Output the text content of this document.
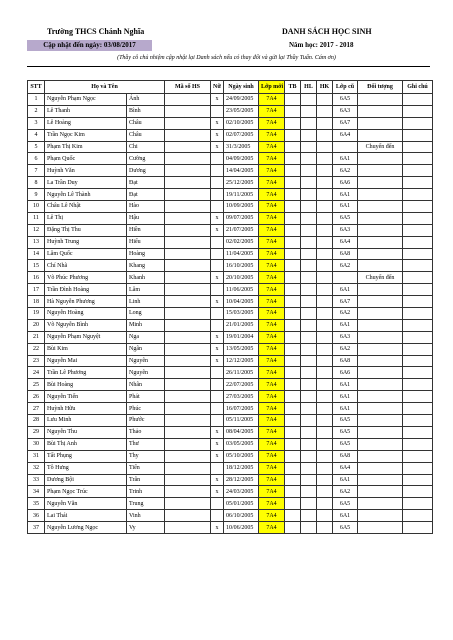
Trường THCS Chánh Nghĩa
Cập nhật đến ngày: 03/08/2017
DANH SÁCH HỌC SINH
Năm học: 2017 - 2018
(Thầy cô chủ nhiệm cập nhật lại Danh sách nếu có thay đổi và gửi lại Thầy Tuấn. Cám ơn)
STT	Họ và Tên		Mã số HS	Nữ	Ngày sinh	Lớp mới	TB	HL	HK	Lớp cũ	Đối tượng	Ghi chú
1	Nguyễn Phạm Ngọc	Ánh		x	24/09/2005	7A4				6A5		
2	Lê Thanh	Bình			23/05/2005	7A4				6A3		
3	Lê Hoàng	Châu		x	02/10/2005	7A4				6A7		
4	Trần Ngọc Kim	Châu		x	02/07/2005	7A4				6A4		
5	Phạm Thị Kim	Chi		x	31/3/2005	7A4					Chuyển đến	
6	Phạm Quốc	Cường			04/09/2005	7A4				6A1		
7	Huỳnh Văn	Dương			14/04/2005	7A4				6A2		
8	La Trần Duy	Đạt			25/12/2005	7A4				6A6		
9	Nguyễn Lê Thành	Đạt			19/11/2005	7A4				6A1		
10	Châu Lê Nhật	Hào			10/09/2005	7A4				6A1		
11	Lê Thị	Hậu		x	09/07/2005	7A4				6A5		
12	Đặng Thị Thu	Hiền		x	21/07/2005	7A4				6A3		
13	Huỳnh Trung	Hiếu			02/02/2005	7A4				6A4		
14	Lâm Quốc	Hoàng			11/04/2005	7A4				6A8		
15	Chí Nhã	Khang			16/10/2005	7A4				6A2		
16	Võ Phúc Phương	Khanh		x	20/10/2005	7A4					Chuyển đến	
17	Trần Đình Hoàng	Lâm			11/06/2005	7A4				6A1		
18	Hà Nguyễn Phương	Linh		x	10/04/2005	7A4				6A7		
19	Nguyễn Hoàng	Long			15/03/2005	7A4				6A2		
20	Võ Nguyễn Bình	Minh			21/01/2005	7A4				6A1		
21	Nguyễn Phạm Nguyệt	Nga		x	19/01/2004	7A4				6A3		
22	Bùi Kim	Ngân		x	13/05/2005	7A4				6A2		
23	Nguyễn Mai	Nguyên		x	12/12/2005	7A4				6A8		
24	Trần Lê Phương	Nguyên			26/11/2005	7A4				6A6		
25	Bùi Hoàng	Nhân			22/07/2005	7A4				6A1		
26	Nguyễn Tiến	Phát			27/03/2005	7A4				6A1		
27	Huỳnh Hữu	Phúc			16/07/2005	7A4				6A1		
28	Lưu Minh	Phước			05/11/2005	7A4				6A5		
29	Nguyễn Thu	Thảo		x	08/04/2005	7A4				6A5		
30	Bùi Thị Anh	Thư		x	03/05/2005	7A4				6A5		
31	Tất Phụng	Thy		x	05/10/2005	7A4				6A8		
32	Tô Hưng	Tiến			18/12/2005	7A4				6A4		
33	Dương Bội	Trân		x	28/12/2005	7A4				6A1		
34	Phạm Ngọc Trúc	Trinh		x	24/03/2005	7A4				6A2		
35	Nguyễn Văn	Trung			05/01/2005	7A4				6A5		
36	Lai Thái	Vinh			06/10/2005	7A4				6A1		
37	Nguyễn Lương Ngọc	Vy		x	10/06/2005	7A4				6A5		
